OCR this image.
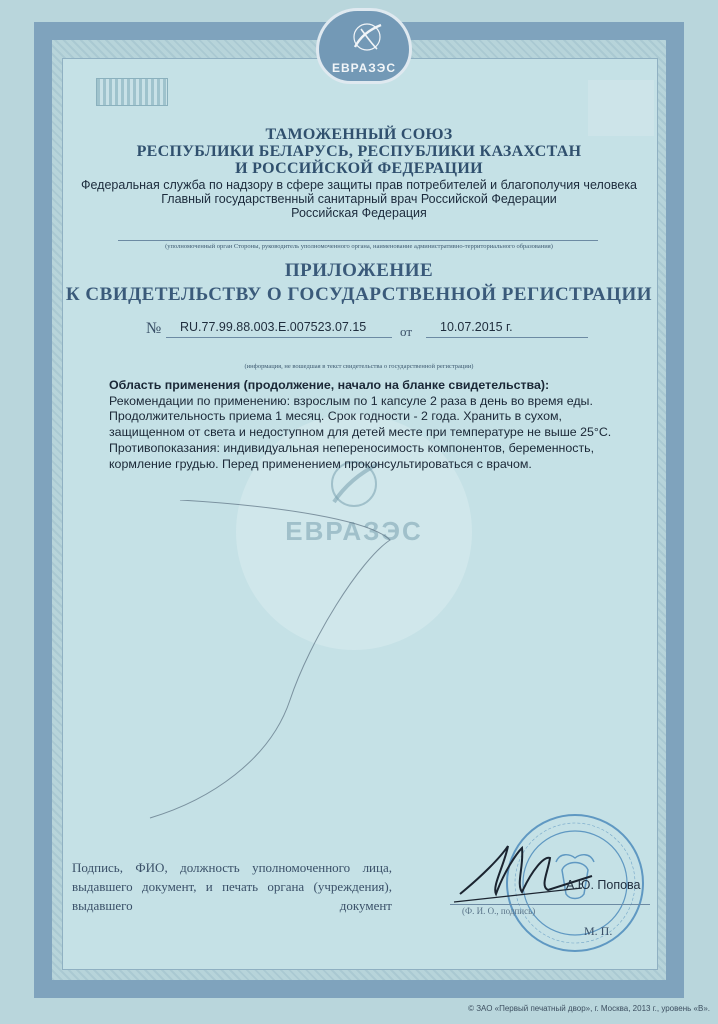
ЕВРАЗЭС
ТАМОЖЕННЫЙ СОЮЗ
РЕСПУБЛИКИ БЕЛАРУСЬ, РЕСПУБЛИКИ КАЗАХСТАН
И РОССИЙСКОЙ ФЕДЕРАЦИИ
Федеральная служба по надзору в сфере защиты прав потребителей и благополучия человека
Главный государственный санитарный врач Российской Федерации
Российская Федерация
(уполномоченный орган Стороны, руководитель уполномоченного органа, наименование административно-территориального образования)
ПРИЛОЖЕНИЕ
К СВИДЕТЕЛЬСТВУ О ГОСУДАРСТВЕННОЙ РЕГИСТРАЦИИ
№ RU.77.99.88.003.E.007523.07.15	от 10.07.2015 г.
(информация, не вошедшая в текст свидетельства о государственной регистрации)
ЕВРАЗЭС
Область применения (продолжение, начало на бланке свидетельства):
Рекомендации по применению: взрослым по 1 капсуле 2 раза в день во время еды. Продолжительность приема 1 месяц. Срок годности - 2 года. Хранить в сухом, защищенном от света и недоступном для детей месте при температуре не выше 25°С. Противопоказания: индивидуальная непереносимость компонентов, беременность, кормление грудью. Перед применением проконсультироваться с врачом.
Подпись, ФИО, должность уполномоченного лица, выдавшего документ, и печать органа (учреждения), выдавшего документ
А.Ю. Попова
(Ф. И. О., подпись)
М. П.
© ЗАО «Первый печатный двор», г. Москва, 2013 г., уровень «В».
